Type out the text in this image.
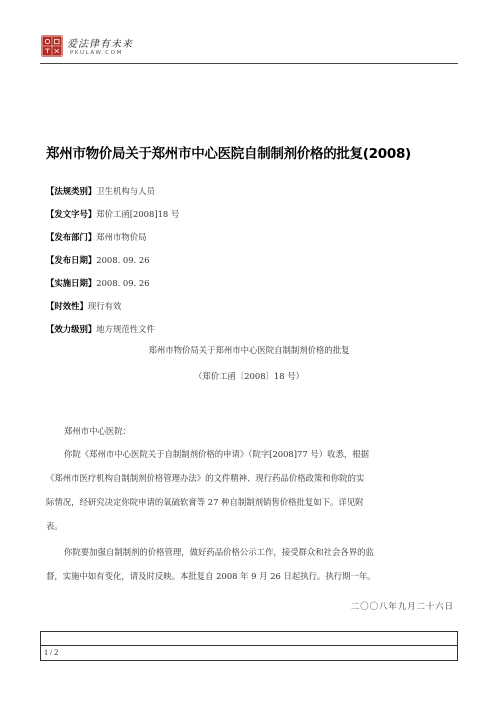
爱法律有未来
PKULAW.COM
郑州市物价局关于郑州市中心医院自制制剂价格的批复(2008)
【法规类别】卫生机构与人员
【发文字号】郑价工函[2008]18 号
【发布部门】郑州市物价局
【发布日期】2008. 09. 26
【实施日期】2008. 09. 26
【时效性】现行有效
【效力级别】地方规范性文件
郑州市物价局关于郑州市中心医院自制制剂价格的批复
（郑价工函〔2008〕18 号）
郑州市中心医院：
你院《郑州市中心医院关于自制制剂价格的申请》（院字[2008]77 号）收悉，根据
《郑州市医疗机构自制制剂价格管理办法》的文件精神、现行药品价格政策和你院的实
际情况，经研究决定你院申请的氧硫软膏等 27 种自制制剂销售价格批复如下。详见附
表。
你院要加强自制制剂的价格管理，做好药品价格公示工作，接受群众和社会各界的监
督，实施中如有变化，请及时反映。本批复自 2008 年 9 月 26 日起执行。执行期一年。
二〇〇八年九月二十六日
1 / 2
